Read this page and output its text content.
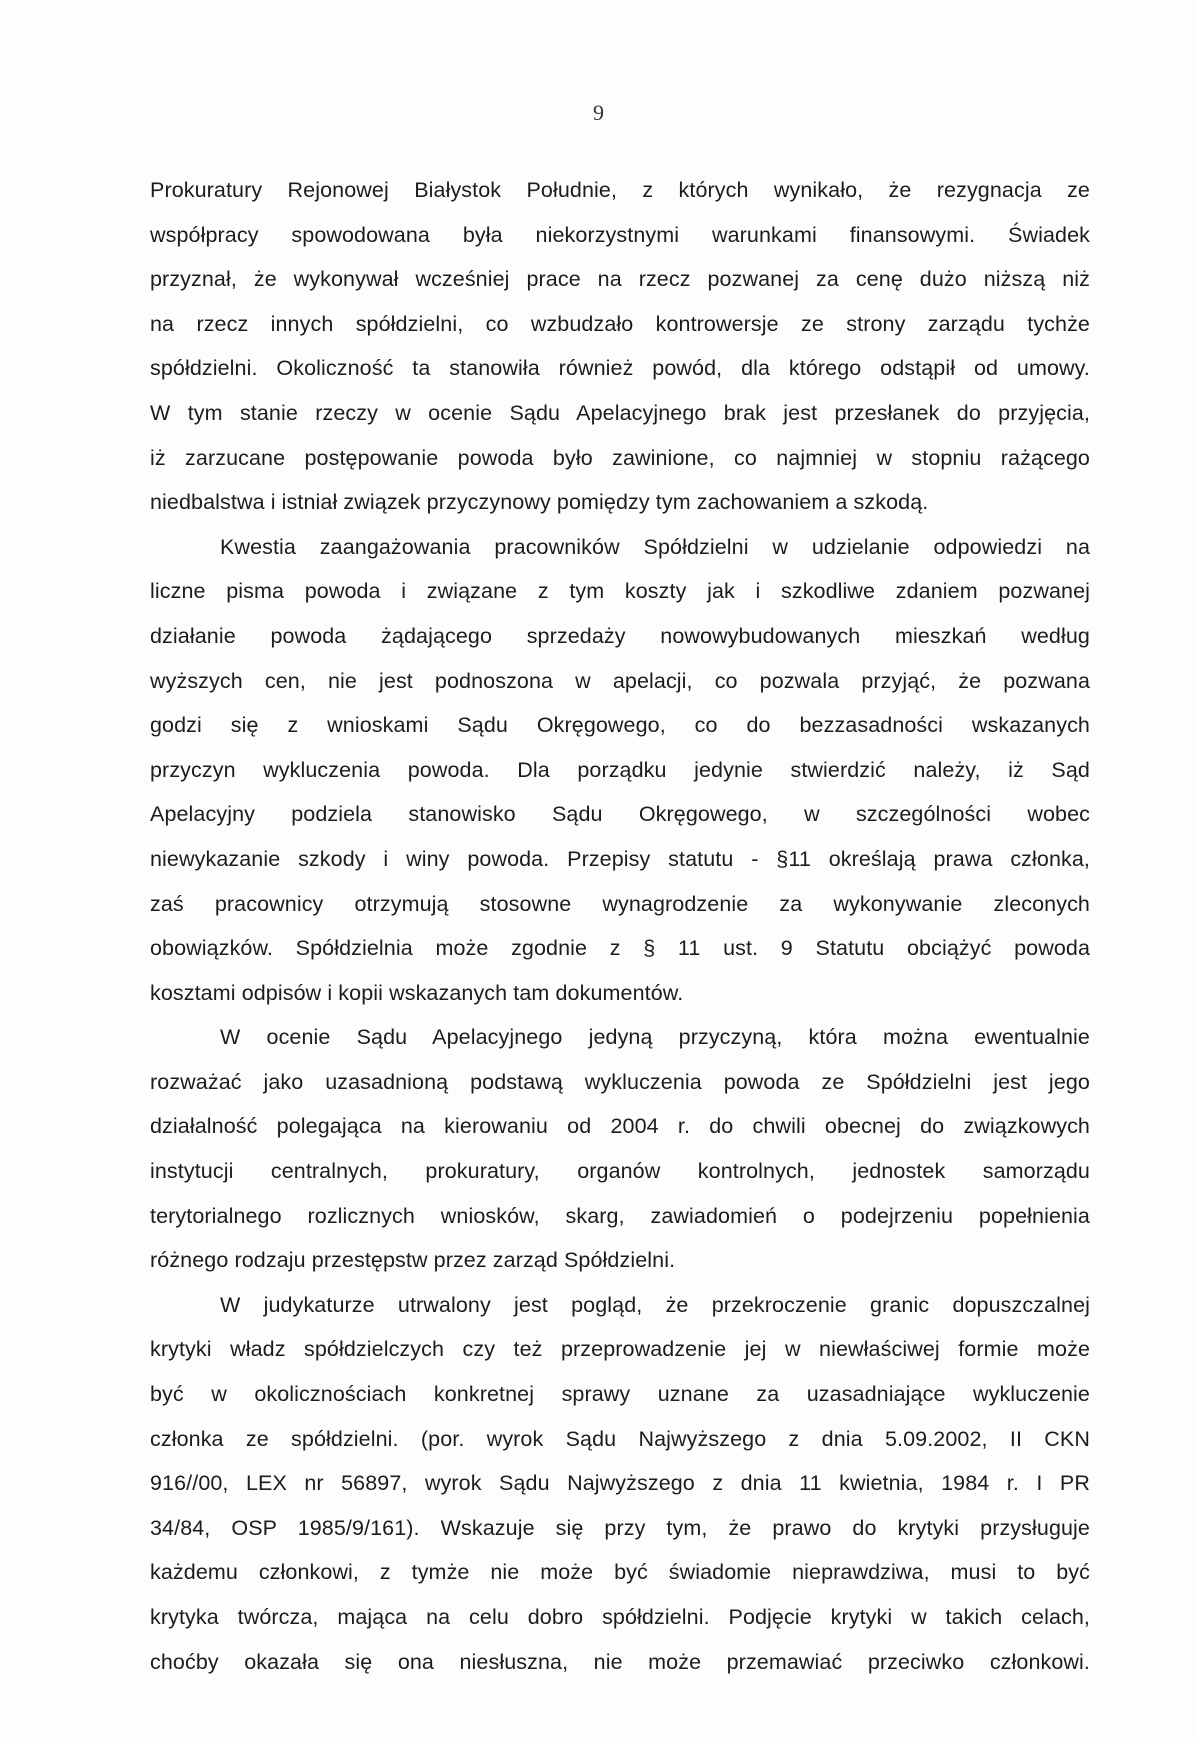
9
Prokuratury Rejonowej Białystok Południe, z których wynikało, że rezygnacja ze
współpracy spowodowana była niekorzystnymi warunkami finansowymi. Świadek
przyznał, że wykonywał wcześniej prace na rzecz pozwanej za cenę dużo niższą niż
na rzecz innych spółdzielni, co wzbudzało kontrowersje ze strony zarządu tychże
spółdzielni. Okoliczność ta stanowiła również powód, dla którego odstąpił od umowy.
W tym stanie rzeczy w ocenie Sądu Apelacyjnego brak jest przesłanek do przyjęcia,
iż zarzucane postępowanie powoda było zawinione, co najmniej w stopniu rażącego
niedbalstwa i istniał związek przyczynowy pomiędzy tym zachowaniem a szkodą.
Kwestia zaangażowania pracowników Spółdzielni w udzielanie odpowiedzi na
liczne pisma powoda i związane z tym koszty jak i szkodliwe zdaniem pozwanej
działanie powoda żądającego sprzedaży nowowybudowanych mieszkań według
wyższych cen, nie jest podnoszona w apelacji, co pozwala przyjąć, że pozwana
godzi się z wnioskami Sądu Okręgowego, co do bezzasadności wskazanych
przyczyn wykluczenia powoda. Dla porządku jedynie stwierdzić należy, iż Sąd
Apelacyjny podziela stanowisko Sądu Okręgowego, w szczególności wobec
niewykazanie szkody i winy powoda. Przepisy statutu - §11 określają prawa członka,
zaś pracownicy otrzymują stosowne wynagrodzenie za wykonywanie zleconych
obowiązków. Spółdzielnia może zgodnie z § 11 ust. 9 Statutu obciążyć powoda
kosztami odpisów i kopii wskazanych tam dokumentów.
W ocenie Sądu Apelacyjnego jedyną przyczyną, która można ewentualnie
rozważać jako uzasadnioną podstawą wykluczenia powoda ze Spółdzielni jest jego
działalność polegająca na kierowaniu od 2004 r. do chwili obecnej do związkowych
instytucji centralnych, prokuratury, organów kontrolnych, jednostek samorządu
terytorialnego rozlicznych wniosków, skarg, zawiadomień o podejrzeniu popełnienia
różnego rodzaju przestępstw przez zarząd Spółdzielni.
W judykaturze utrwalony jest pogląd, że przekroczenie granic dopuszczalnej
krytyki władz spółdzielczych czy też przeprowadzenie jej w niewłaściwej formie może
być w okolicznościach konkretnej sprawy uznane za uzasadniające wykluczenie
członka ze spółdzielni. (por. wyrok Sądu Najwyższego z dnia 5.09.2002, II CKN
916//00, LEX nr 56897, wyrok Sądu Najwyższego z dnia 11 kwietnia, 1984 r. I PR
34/84, OSP 1985/9/161). Wskazuje się przy tym, że prawo do krytyki przysługuje
każdemu członkowi, z tymże nie może być świadomie nieprawdziwa, musi to być
krytyka twórcza, mająca na celu dobro spółdzielni. Podjęcie krytyki w takich celach,
choćby okazała się ona niesłuszna, nie może przemawiać przeciwko członkowi.
